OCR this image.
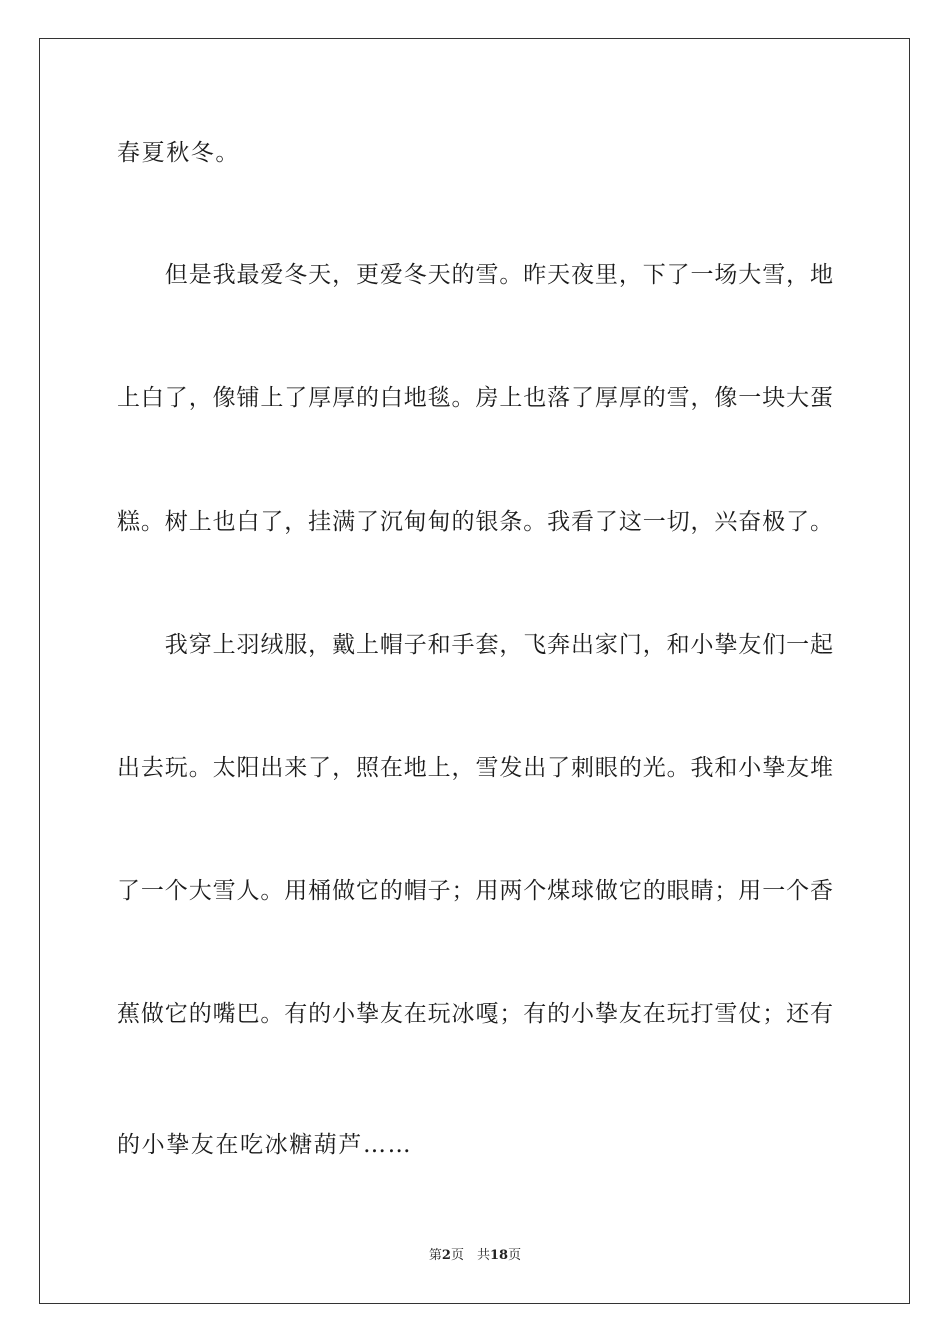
春夏秋冬。
　　但是我最爱冬天，更爱冬天的雪。昨天夜里，下了一场大雪，地
上白了，像铺上了厚厚的白地毯。房上也落了厚厚的雪，像一块大蛋
糕。树上也白了，挂满了沉甸甸的银条。我看了这一切，兴奋极了。
　　我穿上羽绒服，戴上帽子和手套，飞奔出家门，和小挚友们一起
出去玩。太阳出来了，照在地上，雪发出了刺眼的光。我和小挚友堆
了一个大雪人。用桶做它的帽子；用两个煤球做它的眼睛；用一个香
蕉做它的嘴巴。有的小挚友在玩冰嘎；有的小挚友在玩打雪仗；还有
的小挚友在吃冰糖葫芦……
第2页　共18页
